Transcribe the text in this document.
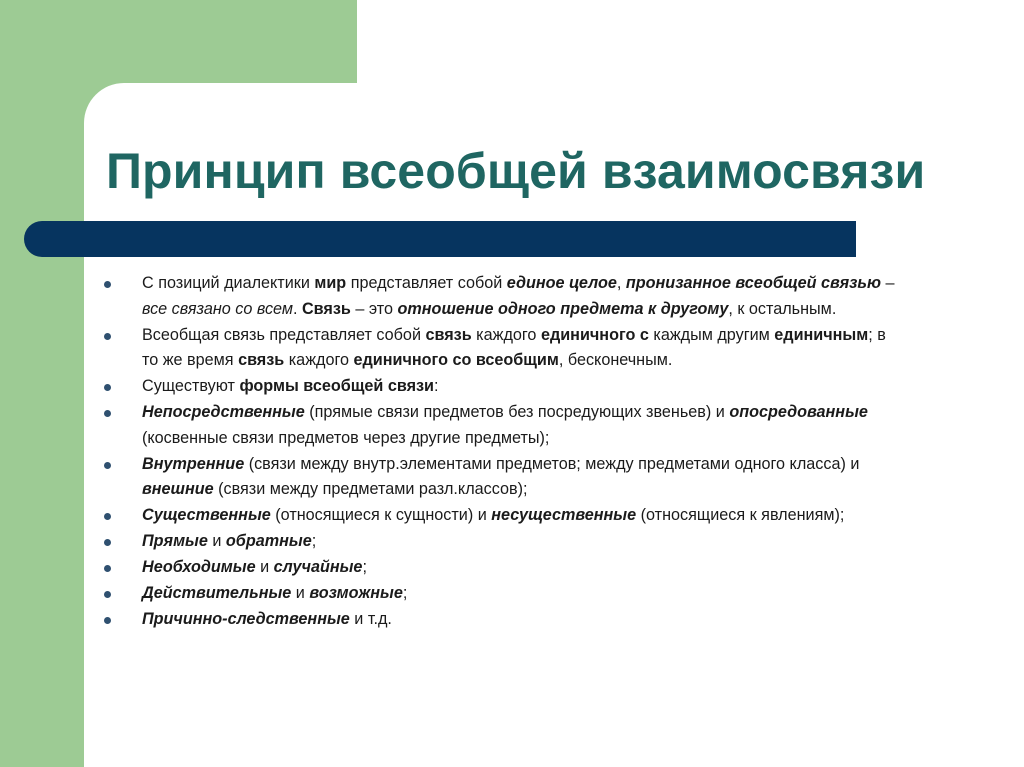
Принцип всеобщей взаимосвязи
С позиций диалектики мир представляет собой единое целое, пронизанное всеобщей связью – все связано со всем. Связь – это отношение одного предмета к другому, к остальным.
Всеобщая связь представляет собой связь каждого единичного с каждым другим единичным; в то же время связь каждого единичного со всеобщим, бесконечным.
Существуют формы всеобщей связи:
Непосредственные (прямые связи предметов без посредующих звеньев) и опосредованные (косвенные связи предметов через другие предметы);
Внутренние (связи между внутр.элементами предметов; между предметами одного класса) и внешние (связи между предметами разл.классов);
Существенные (относящиеся к сущности) и несущественные (относящиеся к явлениям);
Прямые и обратные;
Необходимые и случайные;
Действительные и возможные;
Причинно-следственные и т.д.
